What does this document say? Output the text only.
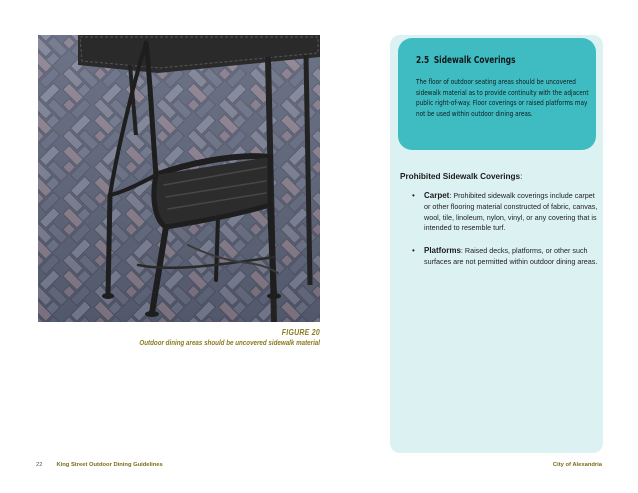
FIGURE 20
Outdoor dining areas should be uncovered sidewalk material
2.5 Sidewalk Coverings
The floor of outdoor seating areas should be uncovered sidewalk material as to provide continuity with the adjacent public right-of-way. Floor coverings or raised platforms may not be used within outdoor dining areas.
Prohibited Sidewalk Coverings:
• Carpet: Prohibited sidewalk coverings include carpet or other flooring material constructed of fabric, canvas, wool, tile, linoleum, nylon, vinyl, or any covering that is intended to resemble turf.
• Platforms: Raised decks, platforms, or other such surfaces are not permitted within outdoor dining areas.
22 King Street Outdoor Dining Guidelines	City of Alexandria
